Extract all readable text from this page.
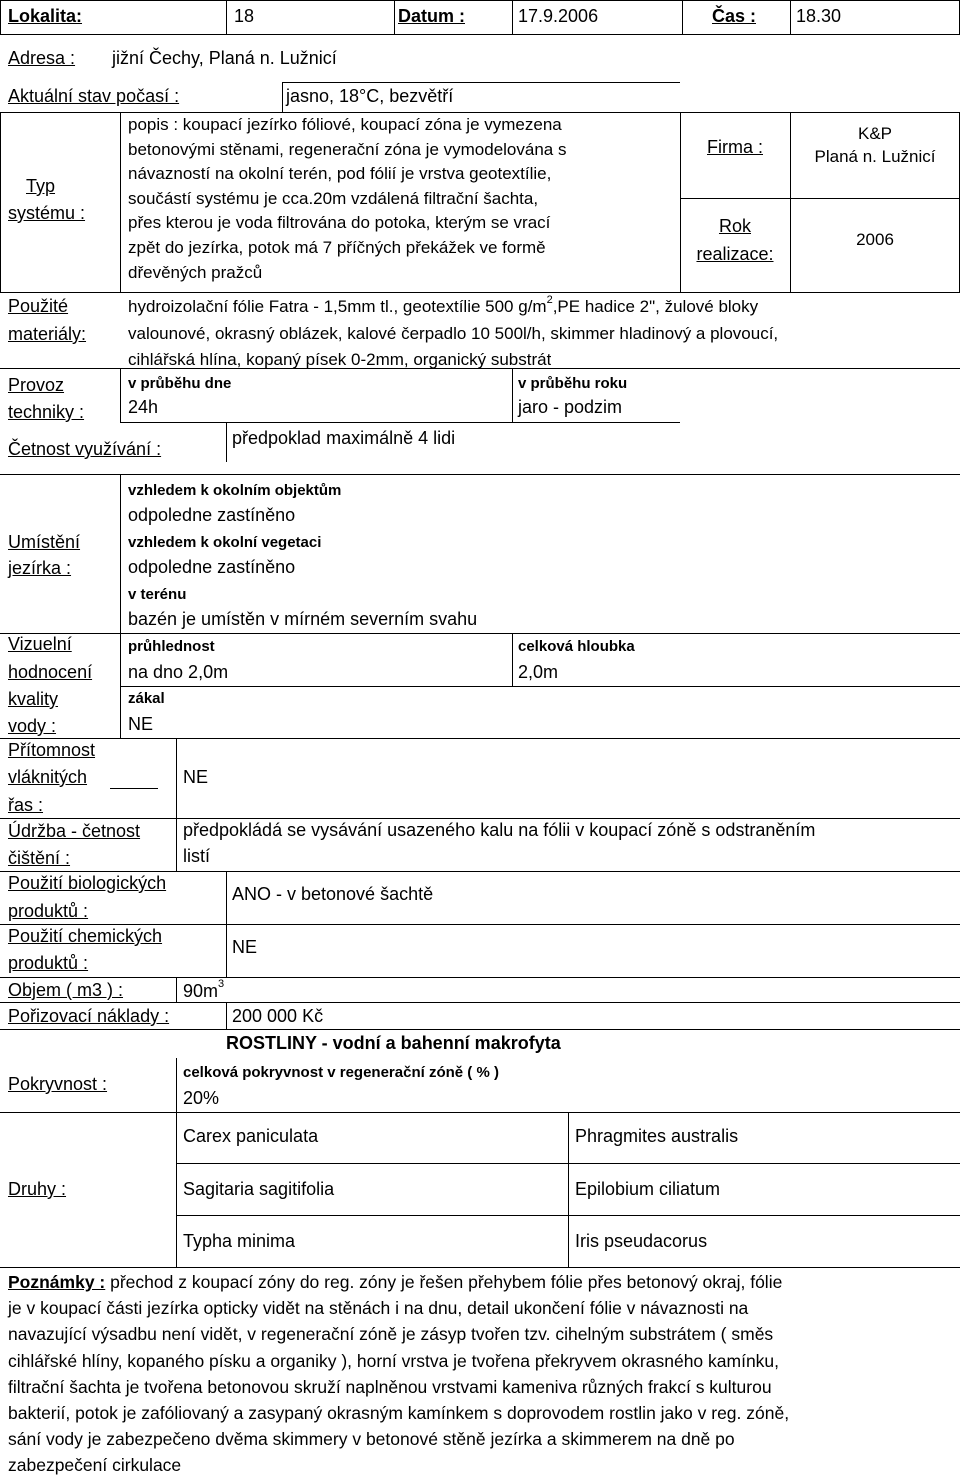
Lokalita:	18	Datum :	17.9.2006	Čas : 18.30
Adresa : jižní Čechy, Planá n. Lužnicí
Aktuální stav počasí :	jasno, 18°C, bezvětří
Typ
systému :
popis : koupací jezírko fóliové, koupací zóna je vymezena
betonovými stěnami, regenerační zóna je vymodelována s
návazností na okolní terén, pod fólií je vrstva geotextílie,
součástí systému je cca.20m vzdálená filtrační šachta,
přes kterou je voda filtrována do potoka, kterým se vrací
zpět do jezírka, potok má 7 příčných překážek ve formě
dřevěných pražců
Firma :
K&P
Planá n. Lužnicí
Rok
realizace:
2006
Použité
materiály:
hydroizolační fólie Fatra - 1,5mm tl., geotextílie 500 $g/m^2,PE$ hadice 2", žulové bloky
valounové, okrasný oblázek, kalové čerpadlo 10 500l/h, skimmer hladinový a plovoucí,
cihlářská hlína, kopaný písek 0-2mm, organický substrát
Provoz
techniky :
v průběhu dne
24h
v průběhu roku
jaro - podzim
Četnost využívání :
předpoklad maximálně 4 lidi
Umístění
jezírka :
vzhledem k okolním objektům
odpoledne zastíněno
vzhledem k okolní vegetaci
odpoledne zastíněno
v terénu
bazén je umístěn v mírném severním svahu
Vizuelní
hodnocení
kvality
vody :
průhlednost
na dno 2,0m
celková hloubka
2,0m
zákal
NE
Přítomnost
vláknitých
řas :
NE
Údržba - četnost
čištění :
předpokládá se vysávání usazeného kalu na fólii v koupací zóně s odstraněním
listí
Použití biologických
produktů :
ANO - v betonové šachtě
Použití chemických
produktů :
NE
Objem ( m3 ) :	$90m^3$
Pořizovací náklady :	200 000 Kč
ROSTLINY - vodní a bahenní makrofyta
Pokryvnost :
celková pokryvnost v regenerační zóně ( % )
20%
Druhy :
Carex paniculata	Phragmites australis
Sagitaria sagitifolia	Epilobium ciliatum
Typha minima	Iris pseudacorus
Poznámky : přechod z koupací zóny do reg. zóny je řešen přehybem fólie přes betonový okraj, fólie
je v koupací části jezírka opticky vidět na stěnách i na dnu, detail ukončení fólie v návaznosti na
navazující výsadbu není vidět, v regenerační zóně je zásyp tvořen tzv. cihelným substrátem ( směs
cihlářské hlíny, kopaného písku a organiky ), horní vrstva je tvořena překryvem okrasného kamínku,
filtrační šachta je tvořena betonovou skruží naplněnou vrstvami kameniva různých frakcí s kulturou
bakterií, potok je zafóliovaný a zasypaný okrasným kamínkem s doprovodem rostlin jako v reg. zóně,
sání vody je zabezpečeno dvěma skimmery v betonové stěně jezírka a skimmerem na dně po
zabezpečení cirkulace
